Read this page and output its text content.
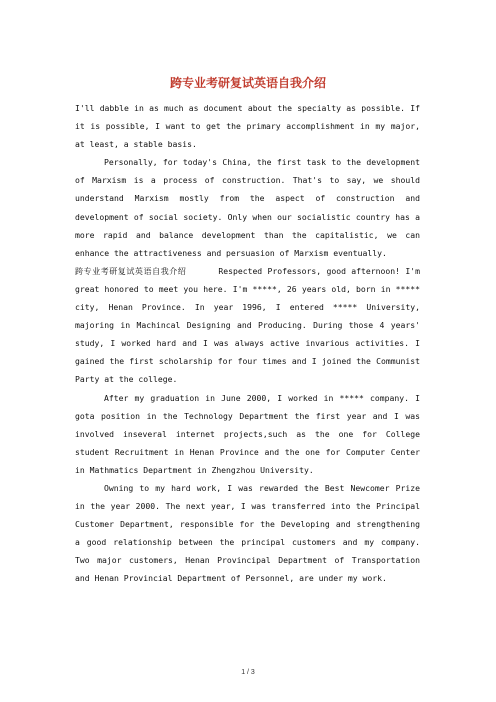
跨专业考研复试英语自我介绍

I'll dabble in as much as document about the specialty as possible. If it is possible, I want to get the primary accomplishment in my major, at least, a stable basis.

Personally, for today's China, the first task to the development of Marxism is a process of construction. That's to say, we should understand Marxism mostly from the aspect of construction and development of social society. Only when our socialistic country has a more rapid and balance development than the capitalistic, we can enhance the attractiveness and persuasion of Marxism eventually.

跨专业考研复试英语自我介绍	Respected Professors, good afternoon! I'm great honored to meet you here. I'm *****, 26 years old, born in ***** city, Henan Province. In year 1996, I entered ***** University, majoring in Machincal Designing and Producing. During those 4 years' study, I worked hard and I was always active invarious activities. I gained the first scholarship for four times and I joined the Communist Party at the college.

After my graduation in June 2000, I worked in ***** company. I gota position in the Technology Department the first year and I was involved inseveral internet projects,such as the one for College student Recruitment in Henan Province and the one for Computer Center in Mathmatics Department in Zhengzhou University.

Owning to my hard work, I was rewarded the Best Newcomer Prize in the year 2000. The next year, I was transferred into the Principal Customer Department, responsible for the Developing and strengthening a good relationship between the principal customers and my company. Two major customers, Henan Provincipal Department of Transportation and Henan Provincial Department of Personnel, are under my work.

1 / 3
